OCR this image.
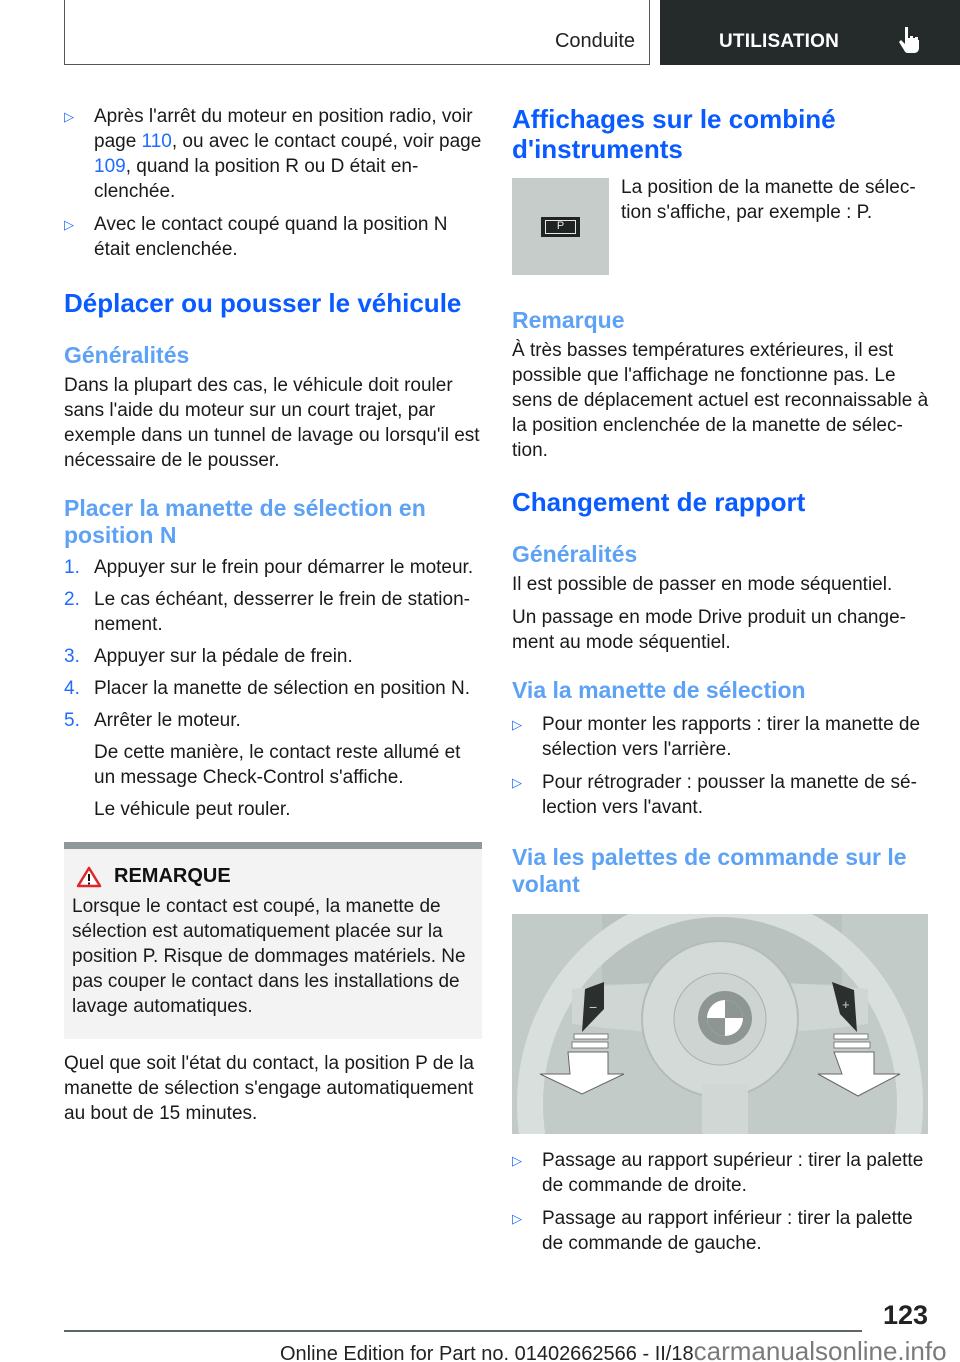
Conduite	UTILISATION
▷ Après l'arrêt du moteur en position radio, voir page 110, ou avec le contact coupé, voir page 109, quand la position R ou D était enclenchée.
▷ Avec le contact coupé quand la position N était enclenchée.
Déplacer ou pousser le véhicule
Généralités
Dans la plupart des cas, le véhicule doit rouler sans l'aide du moteur sur un court trajet, par exemple dans un tunnel de lavage ou lorsqu'il est nécessaire de le pousser.
Placer la manette de sélection en position N
1. Appuyer sur le frein pour démarrer le moteur.
2. Le cas échéant, desserrer le frein de stationnement.
3. Appuyer sur la pédale de frein.
4. Placer la manette de sélection en position N.
5. Arrêter le moteur.
De cette manière, le contact reste allumé et un message Check-Control s'affiche.
Le véhicule peut rouler.
REMARQUE
Lorsque le contact est coupé, la manette de sélection est automatiquement placée sur la position P. Risque de dommages matériels. Ne pas couper le contact dans les installations de lavage automatiques.
Quel que soit l'état du contact, la position P de la manette de sélection s'engage automatiquement au bout de 15 minutes.
Affichages sur le combiné d'instruments
P
La position de la manette de sélection s'affiche, par exemple : P.
Remarque
À très basses températures extérieures, il est possible que l'affichage ne fonctionne pas. Le sens de déplacement actuel est reconnaissable à la position enclenchée de la manette de sélection.
Changement de rapport
Généralités
Il est possible de passer en mode séquentiel.
Un passage en mode Drive produit un changement au mode séquentiel.
Via la manette de sélection
▷ Pour monter les rapports : tirer la manette de sélection vers l'arrière.
▷ Pour rétrograder : pousser la manette de sélection vers l'avant.
Via les palettes de commande sur le volant
−	+
▷ Passage au rapport supérieur : tirer la palette de commande de droite.
▷ Passage au rapport inférieur : tirer la palette de commande de gauche.
123
Online Edition for Part no. 01402662566 - II/18carmanualsonline.info
